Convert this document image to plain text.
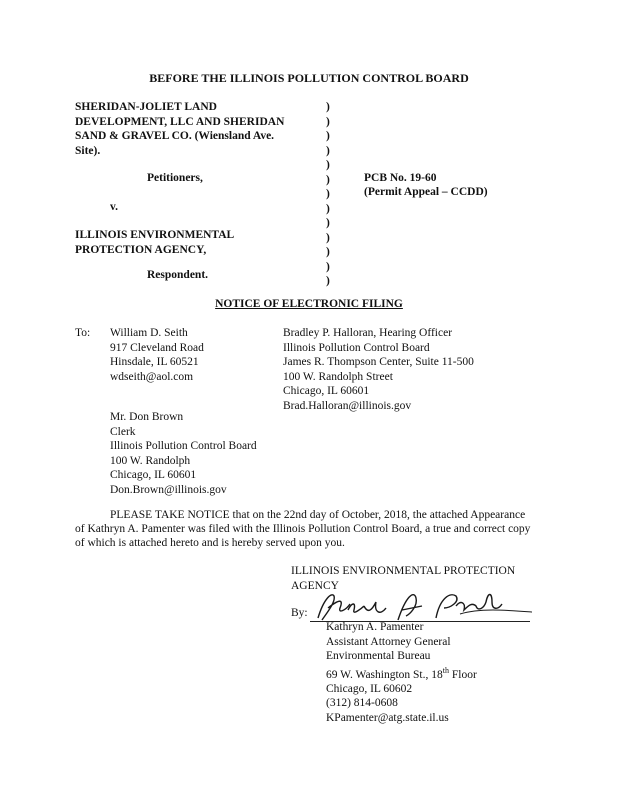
BEFORE THE ILLINOIS POLLUTION CONTROL BOARD
SHERIDAN-JOLIET LAND
DEVELOPMENT, LLC AND SHERIDAN
SAND & GRAVEL CO. (Wiensland Ave.
Site).
Petitioners,
v.
ILLINOIS ENVIRONMENTAL
PROTECTION AGENCY,
Respondent.
)
)
)
)
)
)
)
)
)
)
)
)
)
PCB No. 19-60
(Permit Appeal – CCDD)
NOTICE OF ELECTRONIC FILING
To: William D. Seith
917 Cleveland Road
Hinsdale, IL 60521
wdseith@aol.com
Bradley P. Halloran, Hearing Officer
Illinois Pollution Control Board
James R. Thompson Center, Suite 11-500
100 W. Randolph Street
Chicago, IL 60601
Brad.Halloran@illinois.gov
Mr. Don Brown
Clerk
Illinois Pollution Control Board
100 W. Randolph
Chicago, IL 60601
Don.Brown@illinois.gov
PLEASE TAKE NOTICE that on the 22nd day of October, 2018, the attached Appearance
of Kathryn A. Pamenter was filed with the Illinois Pollution Control Board, a true and correct copy
of which is attached hereto and is hereby served upon you.
ILLINOIS ENVIRONMENTAL PROTECTION
AGENCY
By:
Kathryn A. Pamenter
Assistant Attorney General
Environmental Bureau
69 W. Washington St., 18th Floor
Chicago, IL 60602
(312) 814-0608
KPamenter@atg.state.il.us
